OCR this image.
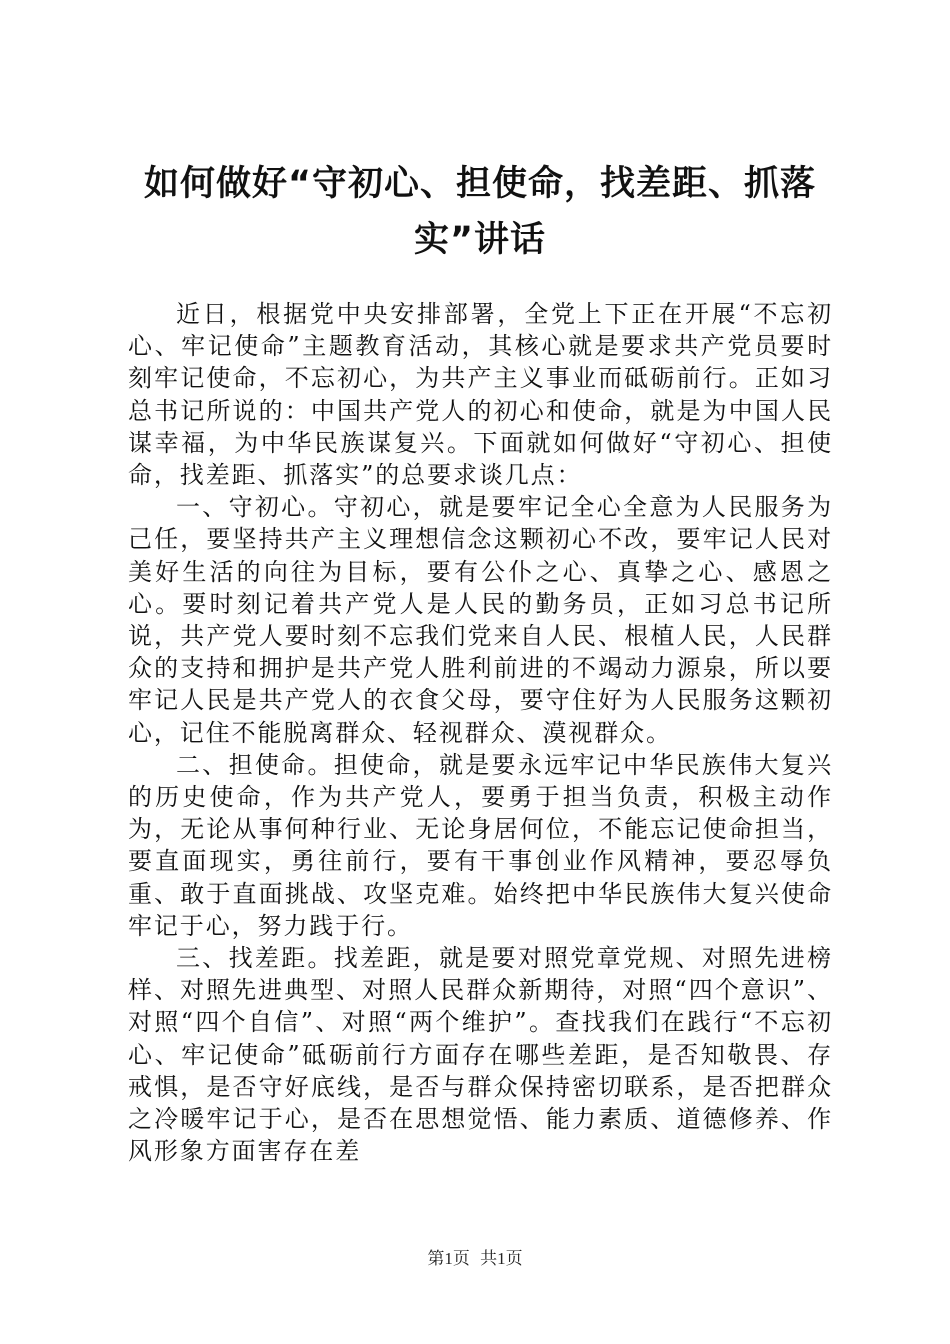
如何做好“守初心、担使命，找差距、抓落
实”讲话

近日，根据党中央安排部署，全党上下正在开展“不忘初心、牢记使命”主题教育活动，其核心就是要求共产党员要时刻牢记使命，不忘初心，为共产主义事业而砥砺前行。正如习总书记所说的：中国共产党人的初心和使命，就是为中国人民谋幸福，为中华民族谋复兴。下面就如何做好“守初心、担使命，找差距、抓落实”的总要求谈几点：

一、守初心。守初心，就是要牢记全心全意为人民服务为己任，要坚持共产主义理想信念这颗初心不改，要牢记人民对美好生活的向往为目标，要有公仆之心、真挚之心、感恩之心。要时刻记着共产党人是人民的勤务员，正如习总书记所说，共产党人要时刻不忘我们党来自人民、根植人民，人民群众的支持和拥护是共产党人胜利前进的不竭动力源泉，所以要牢记人民是共产党人的衣食父母，要守住好为人民服务这颗初心，记住不能脱离群众、轻视群众、漠视群众。

二、担使命。担使命，就是要永远牢记中华民族伟大复兴的历史使命，作为共产党人，要勇于担当负责，积极主动作为，无论从事何种行业、无论身居何位，不能忘记使命担当，要直面现实，勇往前行，要有干事创业作风精神，要忍辱负重、敢于直面挑战、攻坚克难。始终把中华民族伟大复兴使命牢记于心，努力践于行。

三、找差距。找差距，就是要对照党章党规、对照先进榜样、对照先进典型、对照人民群众新期待，对照“四个意识”、对照“四个自信”、对照“两个维护”。查找我们在践行“不忘初心、牢记使命”砥砺前行方面存在哪些差距，是否知敬畏、存戒惧，是否守好底线，是否与群众保持密切联系，是否把群众之冷暖牢记于心，是否在思想觉悟、能力素质、道德修养、作风形象方面害存在差

第1页 共1页
